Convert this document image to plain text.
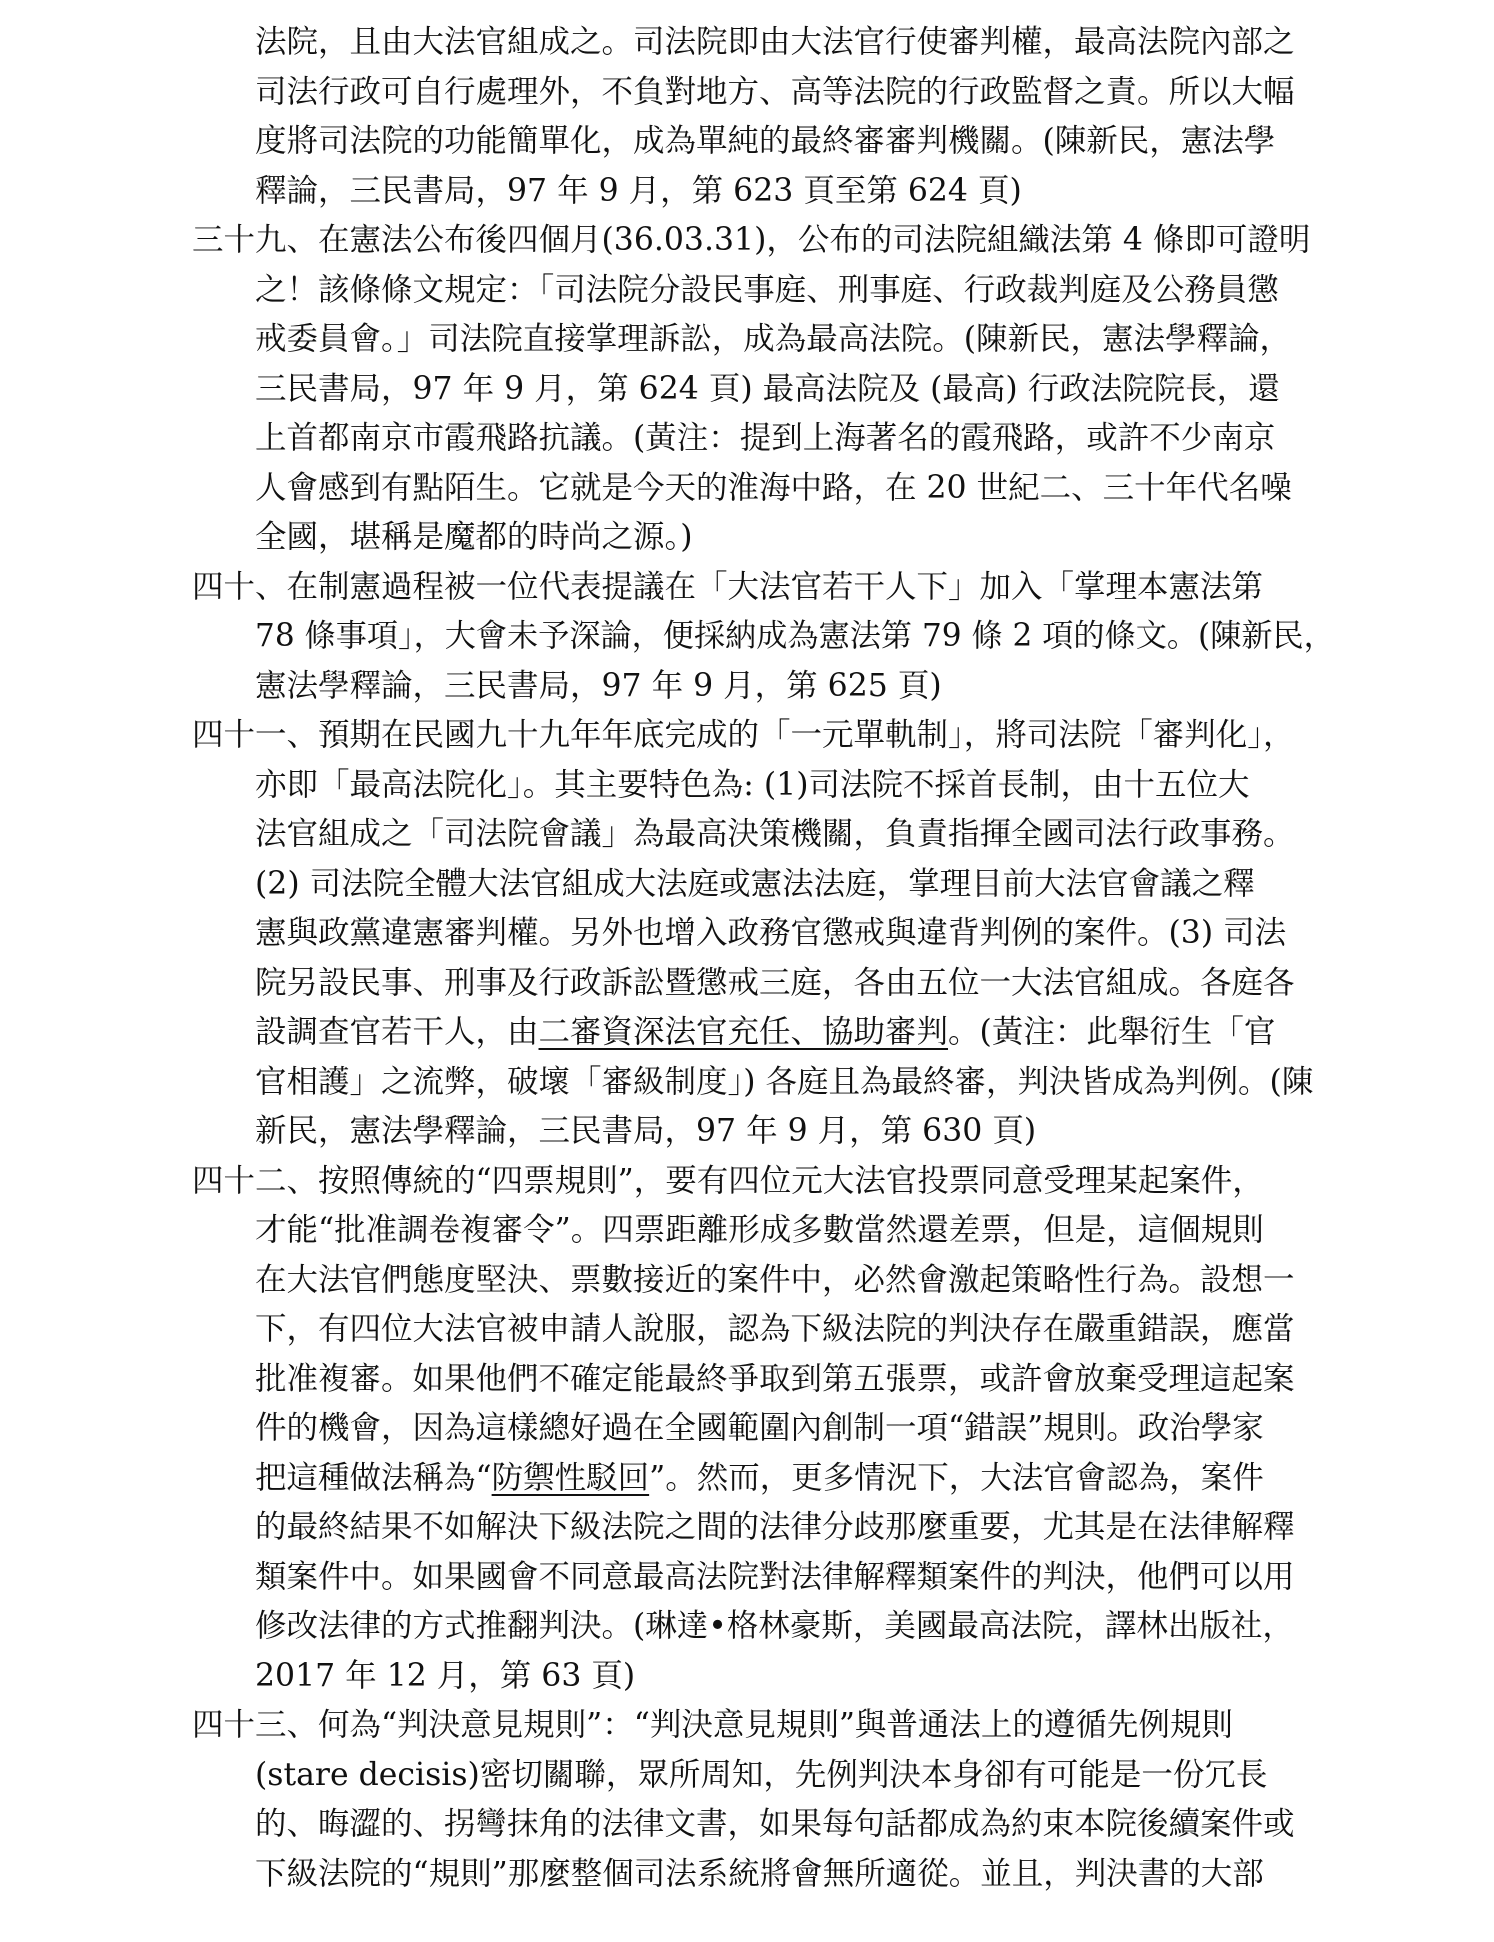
法院，且由大法官組成之。司法院即由大法官行使審判權，最高法院內部之
司法行政可自行處理外，不負對地方、高等法院的行政監督之責。所以大幅
度將司法院的功能簡單化，成為單純的最終審審判機關。(陳新民，憲法學
釋論，三民書局，97 年 9 月，第 623 頁至第 624 頁)
三十九、在憲法公布後四個月(36.03.31)，公布的司法院組織法第 4 條即可證明
之！該條條文規定：「司法院分設民事庭、刑事庭、行政裁判庭及公務員懲
戒委員會。」司法院直接掌理訴訟，成為最高法院。(陳新民，憲法學釋論，
三民書局，97 年 9 月，第 624 頁) 最高法院及 (最高) 行政法院院長，還
上首都南京市霞飛路抗議。(黃注：提到上海著名的霞飛路，或許不少南京
人會感到有點陌生。它就是今天的淮海中路，在 20 世紀二、三十年代名噪
全國，堪稱是魔都的時尚之源。)
四十、在制憲過程被一位代表提議在「大法官若干人下」加入「掌理本憲法第
78 條事項」，大會未予深論，便採納成為憲法第 79 條 2 項的條文。(陳新民，
憲法學釋論，三民書局，97 年 9 月，第 625 頁)
四十一、預期在民國九十九年年底完成的「一元單軌制」，將司法院「審判化」，
亦即「最高法院化」。其主要特色為: (1)司法院不採首長制，由十五位大
法官組成之「司法院會議」為最高決策機關，負責指揮全國司法行政事務。
(2) 司法院全體大法官組成大法庭或憲法法庭，掌理目前大法官會議之釋
憲與政黨違憲審判權。另外也增入政務官懲戒與違背判例的案件。(3) 司法
院另設民事、刑事及行政訴訟暨懲戒三庭，各由五位一大法官組成。各庭各
設調查官若干人，由二審資深法官充任、協助審判。(黃注：此舉衍生「官
官相護」之流弊，破壞「審級制度」) 各庭且為最終審，判決皆成為判例。(陳
新民，憲法學釋論，三民書局，97 年 9 月，第 630 頁)
四十二、按照傳統的“四票規則”，要有四位元大法官投票同意受理某起案件，
才能“批准調卷複審令”。四票距離形成多數當然還差票，但是，這個規則
在大法官們態度堅決、票數接近的案件中，必然會激起策略性行為。設想一
下，有四位大法官被申請人說服，認為下級法院的判決存在嚴重錯誤，應當
批准複審。如果他們不確定能最終爭取到第五張票，或許會放棄受理這起案
件的機會，因為這樣總好過在全國範圍內創制一項“錯誤”規則。政治學家
把這種做法稱為“防禦性駁回”。然而，更多情況下，大法官會認為，案件
的最終結果不如解決下級法院之間的法律分歧那麼重要，尤其是在法律解釋
類案件中。如果國會不同意最高法院對法律解釋類案件的判決，他們可以用
修改法律的方式推翻判決。(琳達•格林豪斯，美國最高法院，譯林出版社，
2017 年 12 月，第 63 頁)
四十三、何為“判決意見規則”：“判決意見規則”與普通法上的遵循先例規則
(stare decisis)密切關聯，眾所周知，先例判決本身卻有可能是一份冗長
的、晦澀的、拐彎抹角的法律文書，如果每句話都成為約束本院後續案件或
下級法院的“規則”那麼整個司法系統將會無所適從。並且，判決書的大部
